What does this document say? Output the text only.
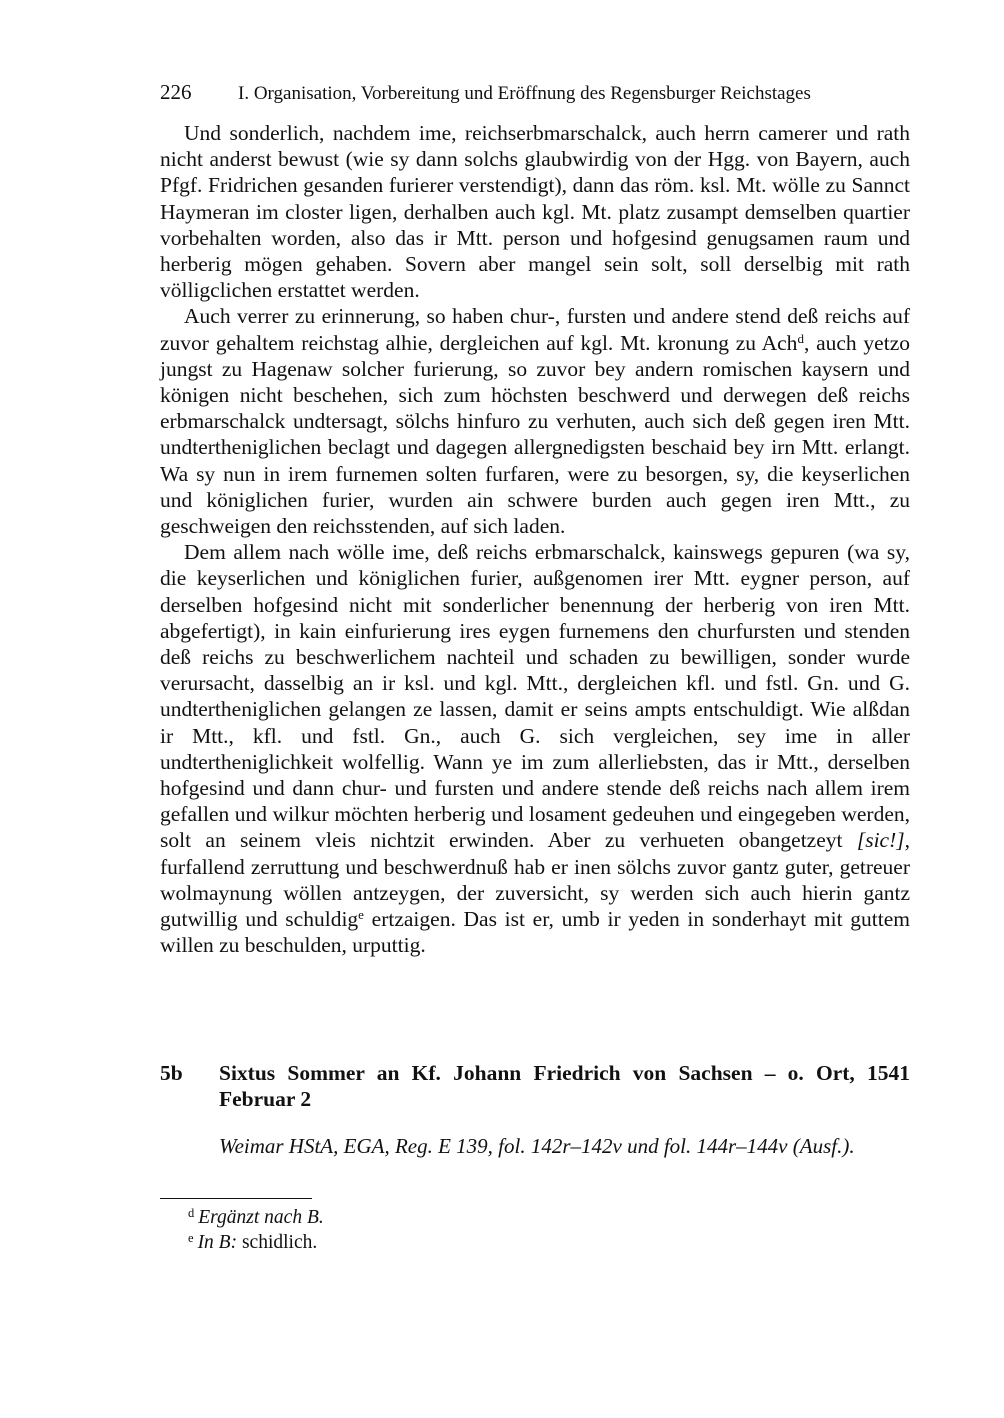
226 I. Organisation, Vorbereitung und Eröffnung des Regensburger Reichstages

Und sonderlich, nachdem ime, reichserbmarschalck, auch herrn camerer und rath nicht anderst bewust (wie sy dann solchs glaubwirdig von der Hgg. von Bayern, auch Pfgf. Fridrichen gesanden furierer verstendigt), dann das röm. ksl. Mt. wölle zu Sannct Haymeran im closter ligen, derhalben auch kgl. Mt. platz zusampt demselben quartier vorbehalten worden, also das ir Mtt. person und hofgesind genugsamen raum und herberig mögen gehaben. Sovern aber mangel sein solt, soll derselbig mit rath völligclichen erstattet werden.

Auch verrer zu erinnerung, so haben chur-, fursten und andere stend deß reichs auf zuvor gehaltem reichstag alhie, dergleichen auf kgl. Mt. kronung zu Ach$^d$, auch yetzo jungst zu Hagenaw solcher furierung, so zuvor bey andern romischen kaysern und königen nicht beschehen, sich zum höchsten beschwerd und derwegen deß reichs erbmarschalck undtersagt, sölchs hinfuro zu verhuten, auch sich deß gegen iren Mtt. undtertheniglichen beclagt und dagegen allergnedigsten beschaid bey irn Mtt. erlangt. Wa sy nun in irem furnemen solten furfaren, were zu besorgen, sy, die keyserlichen und königlichen furier, wurden ain schwere burden auch gegen iren Mtt., zu geschweigen den reichsstenden, auf sich laden.

Dem allem nach wölle ime, deß reichs erbmarschalck, kainswegs gepuren (wa sy, die keyserlichen und königlichen furier, außgenomen irer Mtt. eygner person, auf derselben hofgesind nicht mit sonderlicher benennung der herberig von iren Mtt. abgefertigt), in kain einfurierung ires eygen furnemens den churfursten und stenden deß reichs zu beschwerlichem nachteil und schaden zu bewilligen, sonder wurde verursacht, dasselbig an ir ksl. und kgl. Mtt., dergleichen kfl. und fstl. Gn. und G. undtertheniglichen gelangen ze lassen, damit er seins ampts entschuldigt. Wie alßdan ir Mtt., kfl. und fstl. Gn., auch G. sich vergleichen, sey ime in aller undtertheniglichkeit wolfellig. Wann ye im zum allerliebsten, das ir Mtt., derselben hofgesind und dann chur- und fursten und andere stende deß reichs nach allem irem gefallen und wilkur möchten herberig und losament gedeuhen und eingegeben werden, solt an seinem vleis nichtzit erwinden. Aber zu verhueten obangetzeyt [sic!], furfallend zerruttung und beschwerdnuß hab er inen sölchs zuvor gantz guter, getreuer wolmaynung wöllen antzeygen, der zuversicht, sy werden sich auch hierin gantz gutwillig und schuldig$^e$ ertzaigen. Das ist er, umb ir yeden in sonderhayt mit guttem willen zu beschulden, urputtig.

5b	Sixtus Sommer an Kf. Johann Friedrich von Sachsen – o. Ort, 1541 Februar 2
Weimar HStA, EGA, Reg. E 139, fol. 142r–142v und fol. 144r–144v (Ausf.).
$^d$ Ergänzt nach B.
$^e$ In B: schidlich.
